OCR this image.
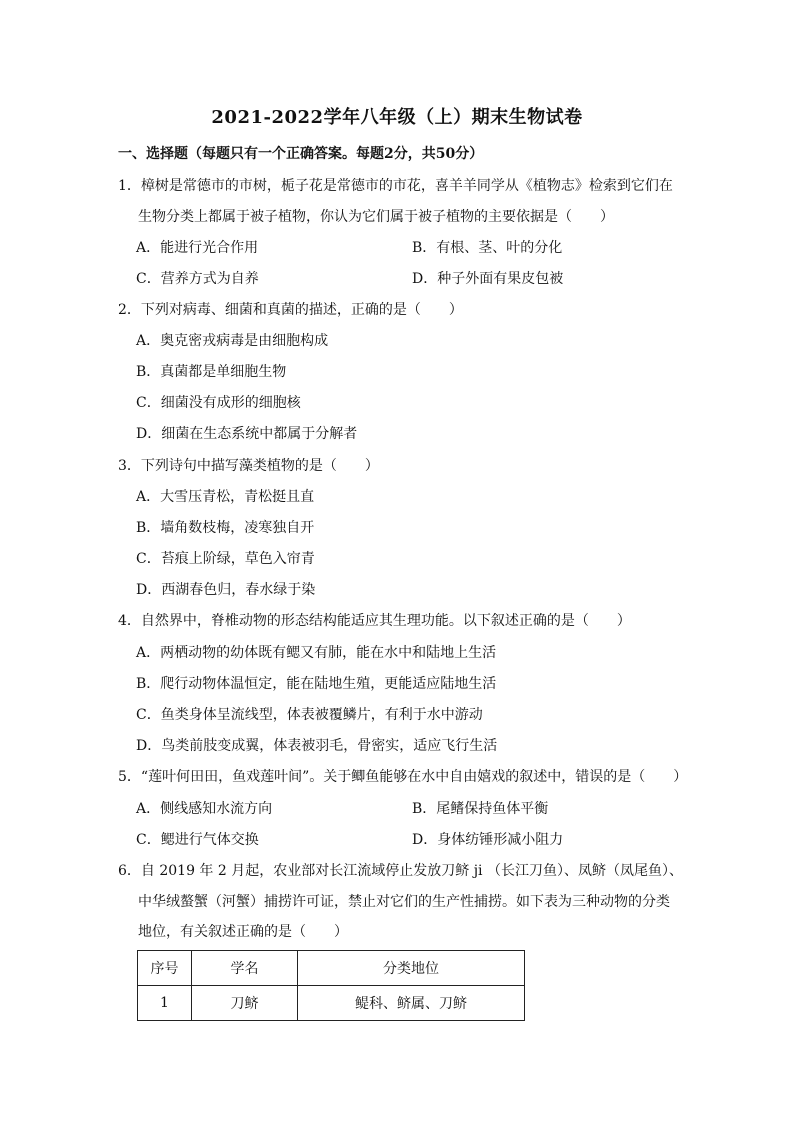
2021-2022学年八年级（上）期末生物试卷
一、选择题（每题只有一个正确答案。每题2分，共50分）
1．樟树是常德市的市树，栀子花是常德市的市花，喜羊羊同学从《植物志》检索到它们在
生物分类上都属于被子植物，你认为它们属于被子植物的主要依据是（　　）
A．能进行光合作用	B．有根、茎、叶的分化
C．营养方式为自养	D．种子外面有果皮包被
2．下列对病毒、细菌和真菌的描述，正确的是（　　）
A．奥克密戎病毒是由细胞构成
B．真菌都是单细胞生物
C．细菌没有成形的细胞核
D．细菌在生态系统中都属于分解者
3．下列诗句中描写藻类植物的是（　　）
A．大雪压青松，青松挺且直
B．墙角数枝梅，凌寒独自开
C．苔痕上阶绿，草色入帘青
D．西湖春色归，春水绿于染
4．自然界中，脊椎动物的形态结构能适应其生理功能。以下叙述正确的是（　　）
A．两栖动物的幼体既有鳃又有肺，能在水中和陆地上生活
B．爬行动物体温恒定，能在陆地生殖，更能适应陆地生活
C．鱼类身体呈流线型，体表被覆鳞片，有利于水中游动
D．鸟类前肢变成翼，体表被羽毛，骨密实，适应飞行生活
5．“莲叶何田田，鱼戏莲叶间”。关于鲫鱼能够在水中自由嬉戏的叙述中，错误的是（　　）
A．侧线感知水流方向	B．尾鳍保持鱼体平衡
C．鳃进行气体交换	D．身体纺锤形减小阻力
6．自 2019 年 2 月起，农业部对长江流域停止发放刀鲚 ji （长江刀鱼）、凤鲚（凤尾鱼）、
中华绒螯蟹（河蟹）捕捞许可证，禁止对它们的生产性捕捞。如下表为三种动物的分类
地位，有关叙述正确的是（　　）
序号	学名	分类地位
1	刀鲚	鳀科、鲚属、刀鲚
